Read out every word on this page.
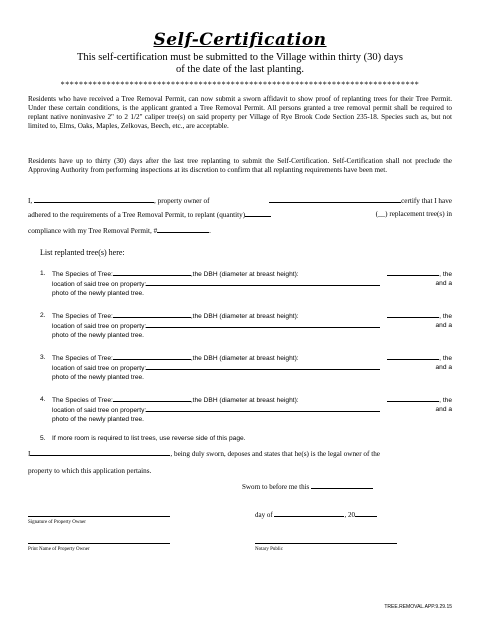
Self-Certification
This self-certification must be submitted to the Village within thirty (30) days
of the date of the last planting.
******************************************************************************
Residents who have received a Tree Removal Permit, can now submit a sworn affidavit to show proof of replanting trees for their Tree Permit. Under these certain conditions, is the applicant granted a Tree Removal Permit. All persons granted a tree removal permit shall be required to replant native noninvasive 2" to 2 1/2" caliper tree(s) on said property per Village of Rye Brook Code Section 235-18. Species such as, but not limited to, Elms, Oaks, Maples, Zelkovas, Beech, etc., are acceptable.
Residents have up to thirty (30) days after the last tree replanting to submit the Self-Certification. Self-Certification shall not preclude the Approving Authority from performing inspections at its discretion to confirm that all replanting requirements have been met.
I,	, property owner of	certify that I have
adhered to the requirements of a Tree Removal Permit, to replant (quantity)	(__) replacement tree(s) in
compliance with my Tree Removal Permit, #	.
List replanted tree(s) here:
1. The Species of Tree:	,the DBH (diameter at breast height):	, the
location of said tree on property:	and a
photo of the newly planted tree.
2. The Species of Tree:	,the DBH (diameter at breast height):	, the
location of said tree on property:	and a
photo of the newly planted tree.
3. The Species of Tree:	,the DBH (diameter at breast height):	, the
location of said tree on property:	and a
photo of the newly planted tree.
4. The Species of Tree:	,the DBH (diameter at breast height):	, the
location of said tree on property:	and a
photo of the newly planted tree.
5. If more room is required to list trees, use reverse side of this page.
I	, being duly sworn, deposes and states that he(s) is the legal owner of the
property to which this application pertains.
Sworn to before me this
Signature of Property Owner
day of	, 20
Print Name of Property Owner	Notary Public
TREE.REMOVAL.APP.9.29.15
